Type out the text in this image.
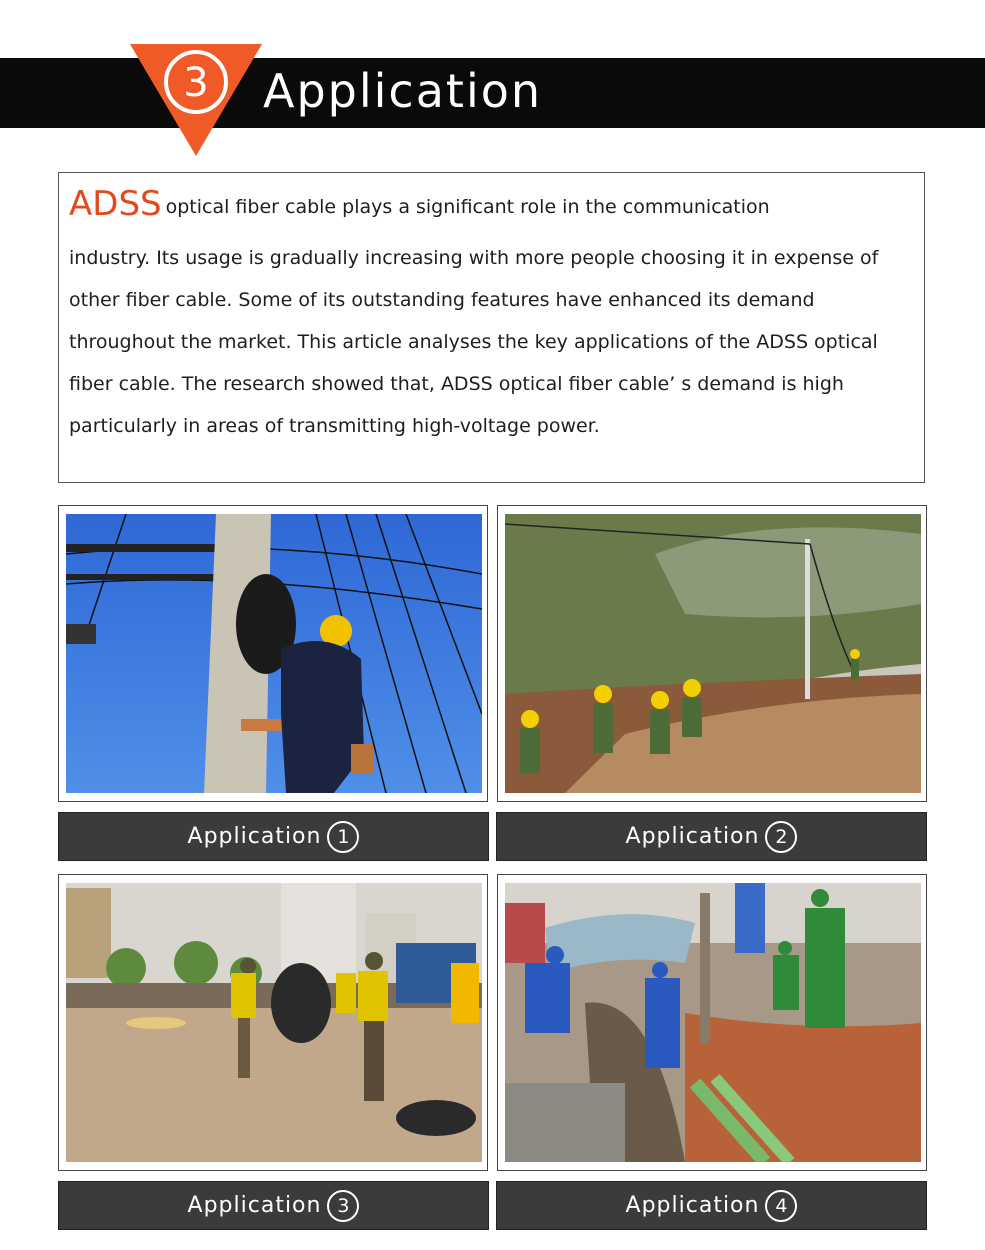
3 Application
ADSS optical fiber cable plays a significant role in the communication
industry. Its usage is gradually increasing with more people choosing it in expense of other fiber cable. Some of its outstanding features have enhanced its demand throughout the market. This article analyses the key applications of the ADSS optical fiber cable. The research showed that, ADSS optical fiber cable’ s demand is high particularly in areas of transmitting high-voltage power.
Application 1	Application 2
Application 3	Application 4
